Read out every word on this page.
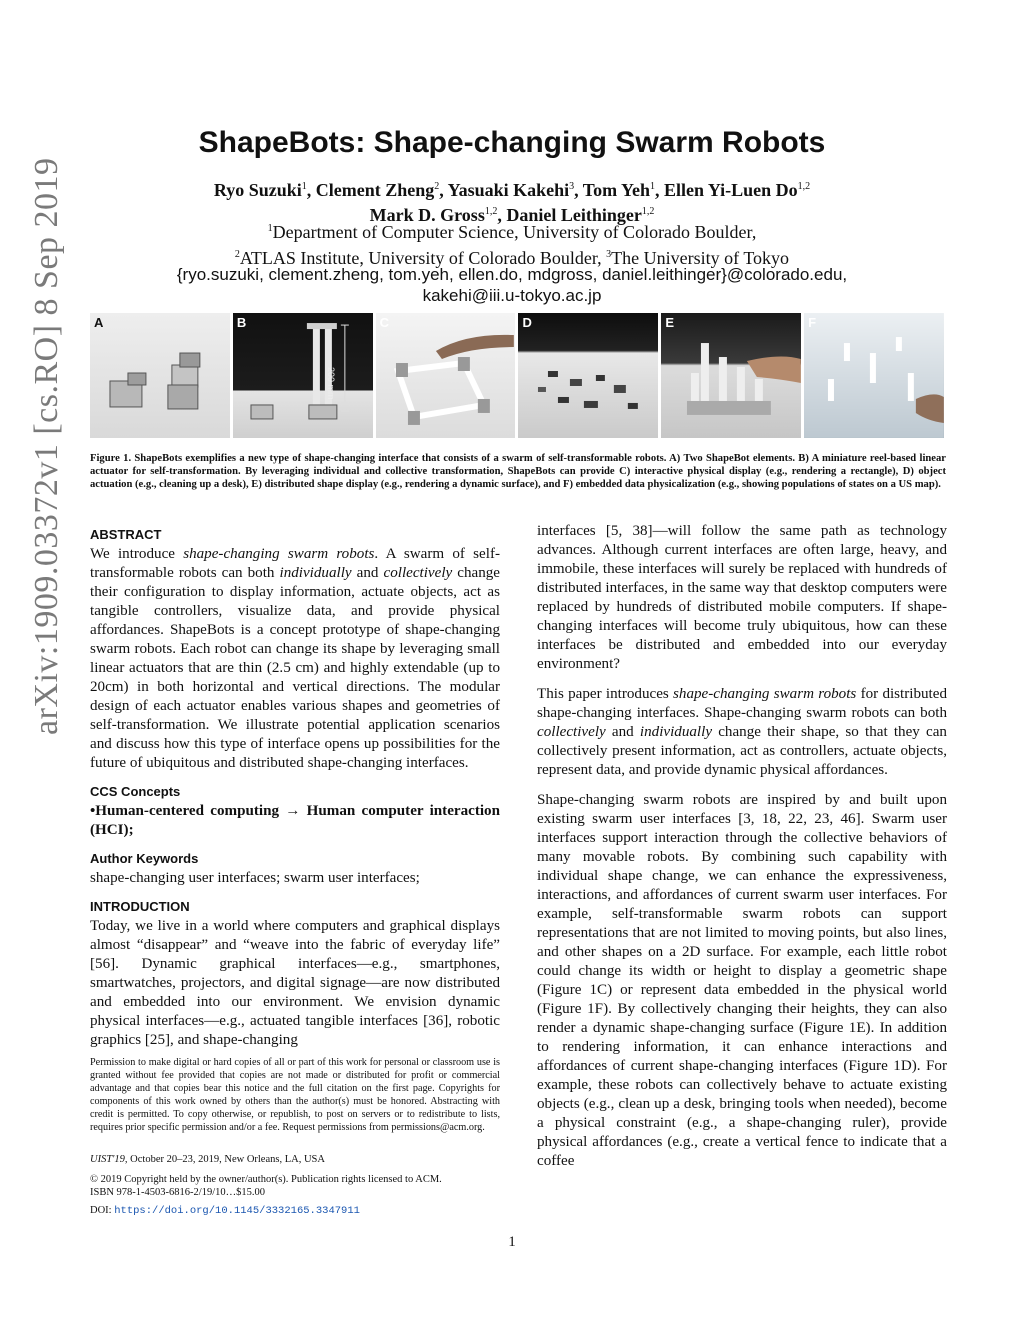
arXiv:1909.03372v1 [cs.RO] 8 Sep 2019
ShapeBots: Shape-changing Swarm Robots
Ryo Suzuki$^1$, Clement Zheng$^2$, Yasuaki Kakehi$^3$, Tom Yeh$^1$, Ellen Yi-Luen Do$^{1,2}$
Mark D. Gross$^{1,2}$, Daniel Leithinger$^{1,2}$
$^1$Department of Computer Science, University of Colorado Boulder,
$^2$ATLAS Institute, University of Colorado Boulder, $^3$The University of Tokyo
{ryo.suzuki, clement.zheng, tom.yeh, ellen.do, mdgross, daniel.leithinger}@colorado.edu,
kakehi@iii.u-tokyo.ac.jp
A	B
200 mm
C	D	E	F
Figure 1. ShapeBots exemplifies a new type of shape-changing interface that consists of a swarm of self-transformable robots. A) Two ShapeBot elements. B) A miniature reel-based linear actuator for self-transformation. By leveraging individual and collective transformation, ShapeBots can provide C) interactive physical display (e.g., rendering a rectangle), D) object actuation (e.g., cleaning up a desk), E) distributed shape display (e.g., rendering a dynamic surface), and F) embedded data physicalization (e.g., showing populations of states on a US map).
ABSTRACT

We introduce shape-changing swarm robots. A swarm of self-transformable robots can both individually and collectively change their configuration to display information, actuate objects, act as tangible controllers, visualize data, and provide physical affordances. ShapeBots is a concept prototype of shape-changing swarm robots. Each robot can change its shape by leveraging small linear actuators that are thin (2.5 cm) and highly extendable (up to 20cm) in both horizontal and vertical directions. The modular design of each actuator enables various shapes and geometries of self-transformation. We illustrate potential application scenarios and discuss how this type of interface opens up possibilities for the future of ubiquitous and distributed shape-changing interfaces.

CCS Concepts

•Human-centered computing → Human computer interaction (HCI);

Author Keywords

shape-changing user interfaces; swarm user interfaces;

INTRODUCTION

Today, we live in a world where computers and graphical displays almost “disappear” and “weave into the fabric of everyday life” [56]. Dynamic graphical interfaces—e.g., smartphones, smartwatches, projectors, and digital signage—are now distributed and embedded into our environment. We envision dynamic physical interfaces—e.g., actuated tangible interfaces [36], robotic graphics [25], and shape-changing

Permission to make digital or hard copies of all or part of this work for personal or classroom use is granted without fee provided that copies are not made or distributed for profit or commercial advantage and that copies bear this notice and the full citation on the first page. Copyrights for components of this work owned by others than the author(s) must be honored. Abstracting with credit is permitted. To copy otherwise, or republish, to post on servers or to redistribute to lists, requires prior specific permission and/or a fee. Request permissions from permissions@acm.org.

UIST'19, October 20–23, 2019, New Orleans, LA, USA
© 2019 Copyright held by the owner/author(s). Publication rights licensed to ACM.
ISBN 978-1-4503-6816-2/19/10…$15.00
DOI: https://doi.org/10.1145/3332165.3347911

interfaces [5, 38]—will follow the same path as technology advances. Although current interfaces are often large, heavy, and immobile, these interfaces will surely be replaced with hundreds of distributed interfaces, in the same way that desktop computers were replaced by hundreds of distributed mobile computers. If shape-changing interfaces will become truly ubiquitous, how can these interfaces be distributed and embedded into our everyday environment?

This paper introduces shape-changing swarm robots for distributed shape-changing interfaces. Shape-changing swarm robots can both collectively and individually change their shape, so that they can collectively present information, act as controllers, actuate objects, represent data, and provide dynamic physical affordances.

Shape-changing swarm robots are inspired by and built upon existing swarm user interfaces [3, 18, 22, 23, 46]. Swarm user interfaces support interaction through the collective behaviors of many movable robots. By combining such capability with individual shape change, we can enhance the expressiveness, interactions, and affordances of current swarm user interfaces. For example, self-transformable swarm robots can support representations that are not limited to moving points, but also lines, and other shapes on a 2D surface. For example, each little robot could change its width or height to display a geometric shape (Figure 1C) or represent data embedded in the physical world (Figure 1F). By collectively changing their heights, they can also render a dynamic shape-changing surface (Figure 1E). In addition to rendering information, it can enhance interactions and affordances of current shape-changing interfaces (Figure 1D). For example, these robots can collectively behave to actuate existing objects (e.g., clean up a desk, bringing tools when needed), become a physical constraint (e.g., a shape-changing ruler), provide physical affordances (e.g., create a vertical fence to indicate that a coffee

1
